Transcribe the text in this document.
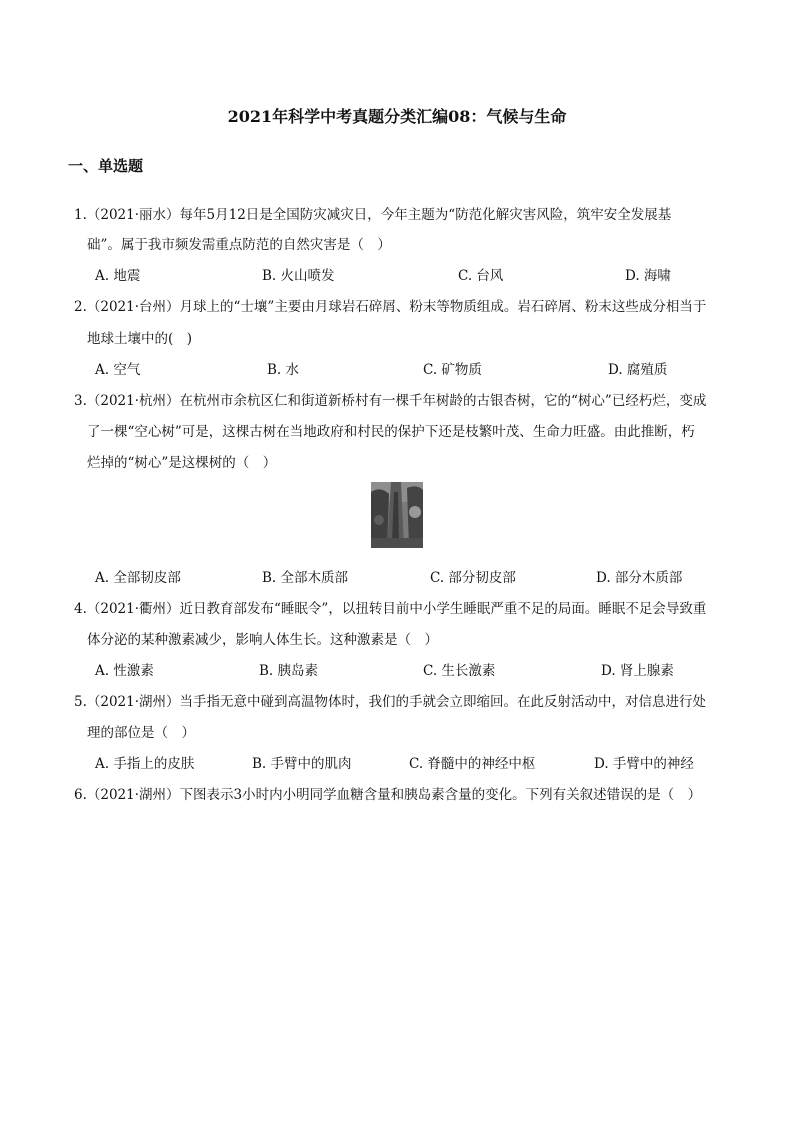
2021年科学中考真题分类汇编08：气候与生命
一、单选题
1.（2021·丽水）每年5月12日是全国防灾减灾日，今年主题为“防范化解灾害风险，筑牢安全发展基
础”。属于我市频发需重点防范的自然灾害是（　）
A. 地震	B. 火山喷发	C. 台风	D. 海啸
2.（2021·台州）月球上的“士壤”主要由月球岩石碎屑、粉末等物质组成。岩石碎屑、粉末这些成分相当于
地球土壤中的(　)
A. 空气	B. 水	C. 矿物质	D. 腐殖质
3.（2021·杭州）在杭州市余杭区仁和街道新桥村有一棵千年树龄的古银杏树，它的“树心”已经朽烂，变成
了一棵“空心树”可是，这棵古树在当地政府和村民的保护下还是枝繁叶茂、生命力旺盛。由此推断，朽
烂掉的“树心”是这棵树的（　）
A. 全部韧皮部	B. 全部木质部	C. 部分韧皮部	D. 部分木质部
4.（2021·衢州）近日教育部发布“睡眠令”，以扭转目前中小学生睡眠严重不足的局面。睡眠不足会导致重
体分泌的某种激素减少，影响人体生长。这种激素是（　）
A. 性激素	B. 胰岛素	C. 生长激素	D. 肾上腺素
5.（2021·湖州）当手指无意中碰到高温物体时，我们的手就会立即缩回。在此反射活动中，对信息进行处
理的部位是（　）
A. 手指上的皮肤	B. 手臂中的肌肉	C. 脊髓中的神经中枢	D. 手臂中的神经
6.（2021·湖州）下图表示3小时内小明同学血糖含量和胰岛素含量的变化。下列有关叙述错误的是（　）
